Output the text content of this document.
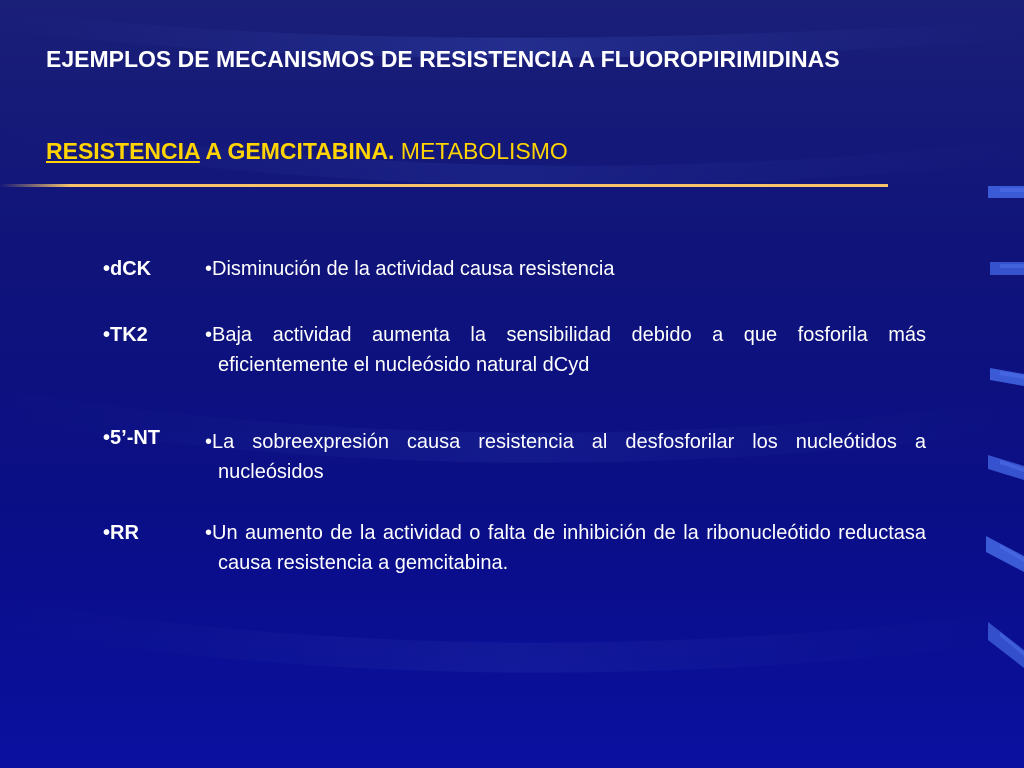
EJEMPLOS DE MECANISMOS DE RESISTENCIA A FLUOROPIRIMIDINAS

RESISTENCIA A GEMCITABINA. METABOLISMO

• dCK	• Disminución de la actividad causa resistencia
• TK2	• Baja actividad aumenta la sensibilidad debido a que fosforila más eficientemente el nucleósido natural dCyd
• 5’-NT	• La sobreexpresión causa resistencia al desfosforilar los nucleótidos a nucleósidos
• RR	• Un aumento de la actividad o falta de inhibición de la ribonucleótido reductasa causa resistencia a gemcitabina.
